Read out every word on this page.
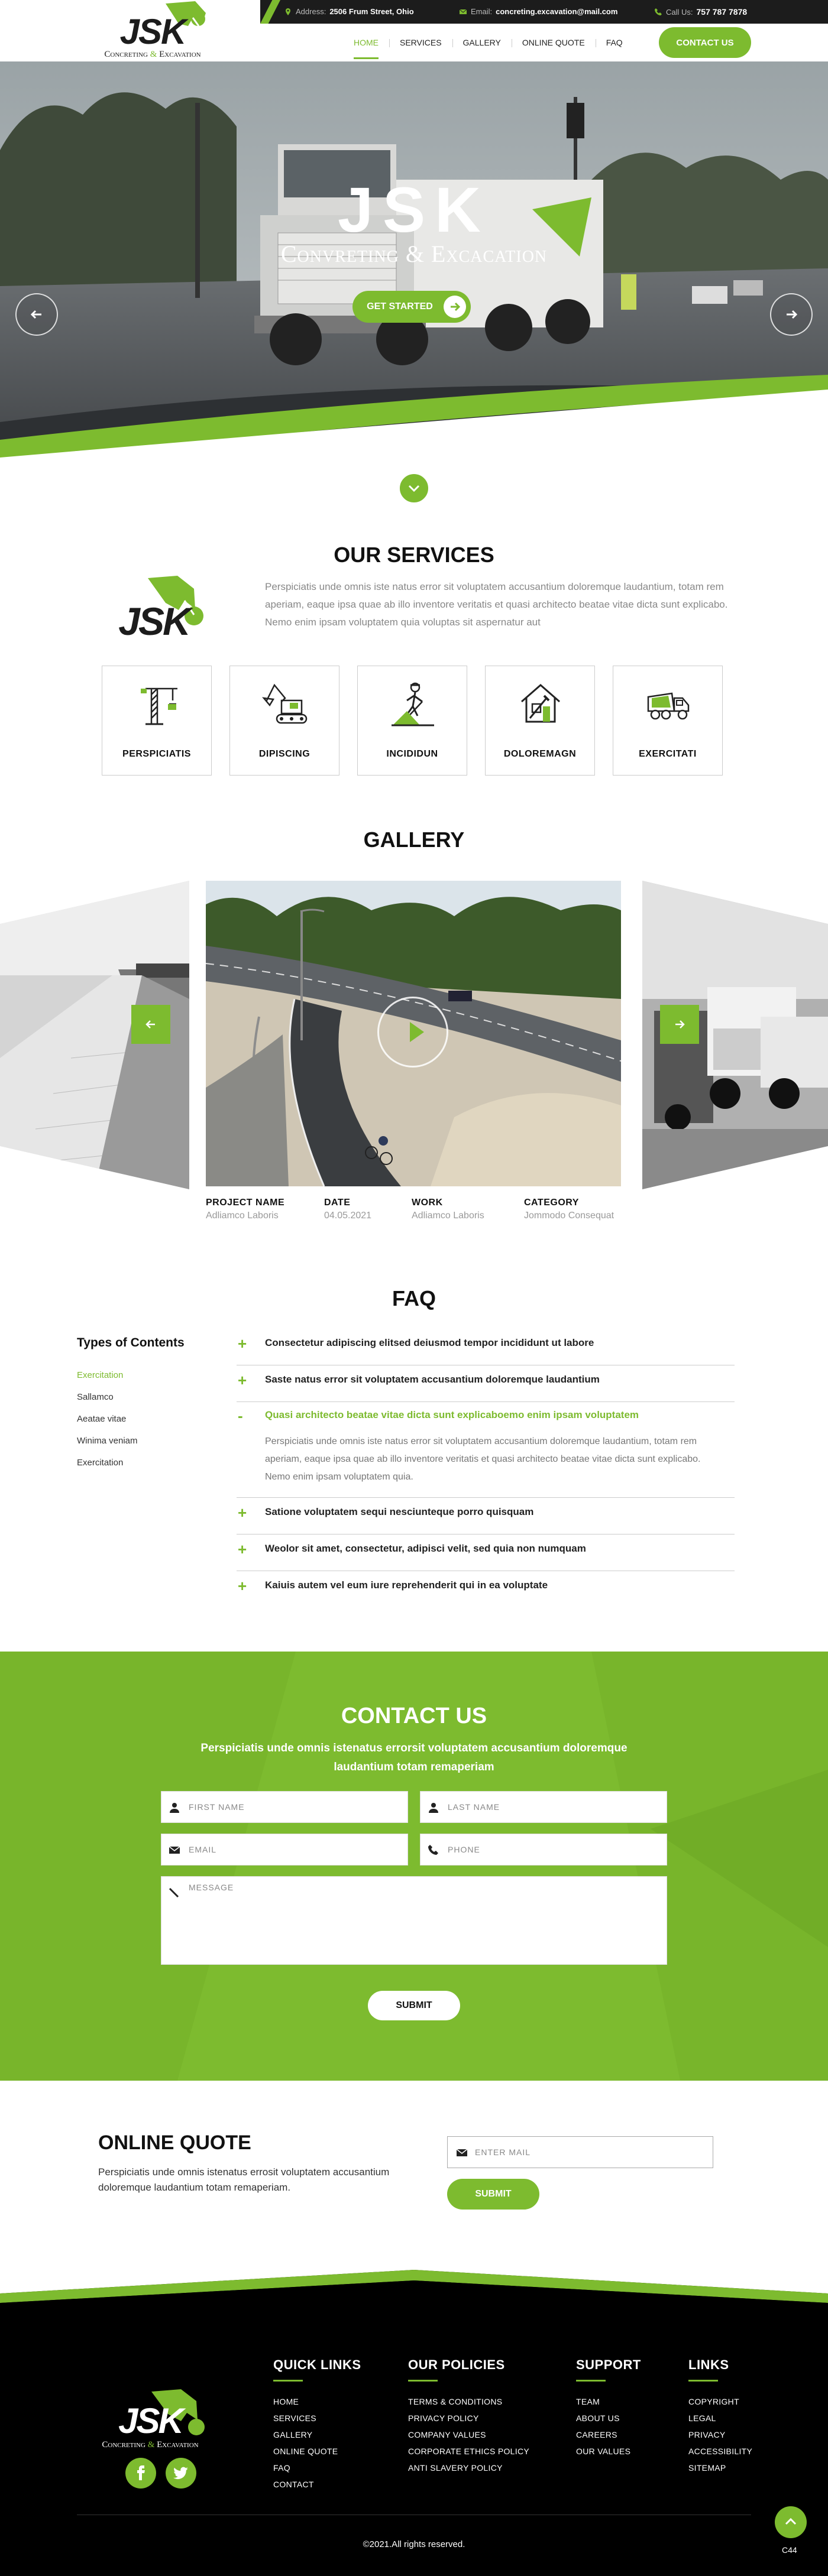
Address: 2506 Frum Street, Ohio	Email: concreting.excavation@mail.com	Call Us: 757 787 7878
JSK
Concreting & Excavation
HOME	SERVICES	GALLERY	ONLINE QUOTE	FAQ	CONTACT US
JSK
Convreting & Excacation
GET STARTED
OUR SERVICES
JSK
Perspiciatis unde omnis iste natus error sit voluptatem accusantium doloremque laudantium, totam rem aperiam, eaque ipsa quae ab illo inventore veritatis et quasi architecto beatae vitae dicta sunt explicabo. Nemo enim ipsam voluptatem quia voluptas sit aspernatur aut
PERSPICIATIS	DIPISCING	INCIDIDUN	DOLOREMAGN	EXERCITATI
GALLERY
PROJECT NAME
Adliamco Laboris
DATE
04.05.2021
WORK
Adliamco Laboris
CATEGORY
Jommodo Consequat
FAQ
Types of Contents
Exercitation
Sallamco
Aeatae vitae
Winima veniam
Exercitation
+ Consectetur adipiscing elitsed deiusmod tempor incididunt ut labore
+ Saste natus error sit voluptatem accusantium doloremque laudantium
- Quasi architecto beatae vitae dicta sunt explicaboemo enim ipsam voluptatem
Perspiciatis unde omnis iste natus error sit voluptatem accusantium doloremque laudantium, totam rem aperiam, eaque ipsa quae ab illo inventore veritatis et quasi architecto beatae vitae dicta sunt explicabo. Nemo enim ipsam voluptatem quia.
+ Satione voluptatem sequi nesciunteque porro quisquam
+ Weolor sit amet, consectetur, adipisci velit, sed quia non numquam
+ Kaiuis autem vel eum iure reprehenderit qui in ea voluptate
CONTACT US
Perspiciatis unde omnis istenatus errorsit voluptatem accusantium doloremque laudantium totam remaperiam
FIRST NAME
LAST NAME
EMAIL
PHONE
MESSAGE
SUBMIT
ONLINE QUOTE
Perspiciatis unde omnis istenatus errosit voluptatem accusantium doloremque laudantium totam remaperiam.
ENTER MAIL
SUBMIT
JSK
Concreting & Excavation
QUICK LINKS
HOME
SERVICES
GALLERY
ONLINE QUOTE
FAQ
CONTACT
OUR POLICIES
TERMS & CONDITIONS
PRIVACY POLICY
COMPANY VALUES
CORPORATE ETHICS POLICY
ANTI SLAVERY POLICY
SUPPORT
TEAM
ABOUT US
CAREERS
OUR VALUES
LINKS
COPYRIGHT
LEGAL
PRIVACY
ACCESSIBILITY
SITEMAP
©2021.All rights reserved.
C44
